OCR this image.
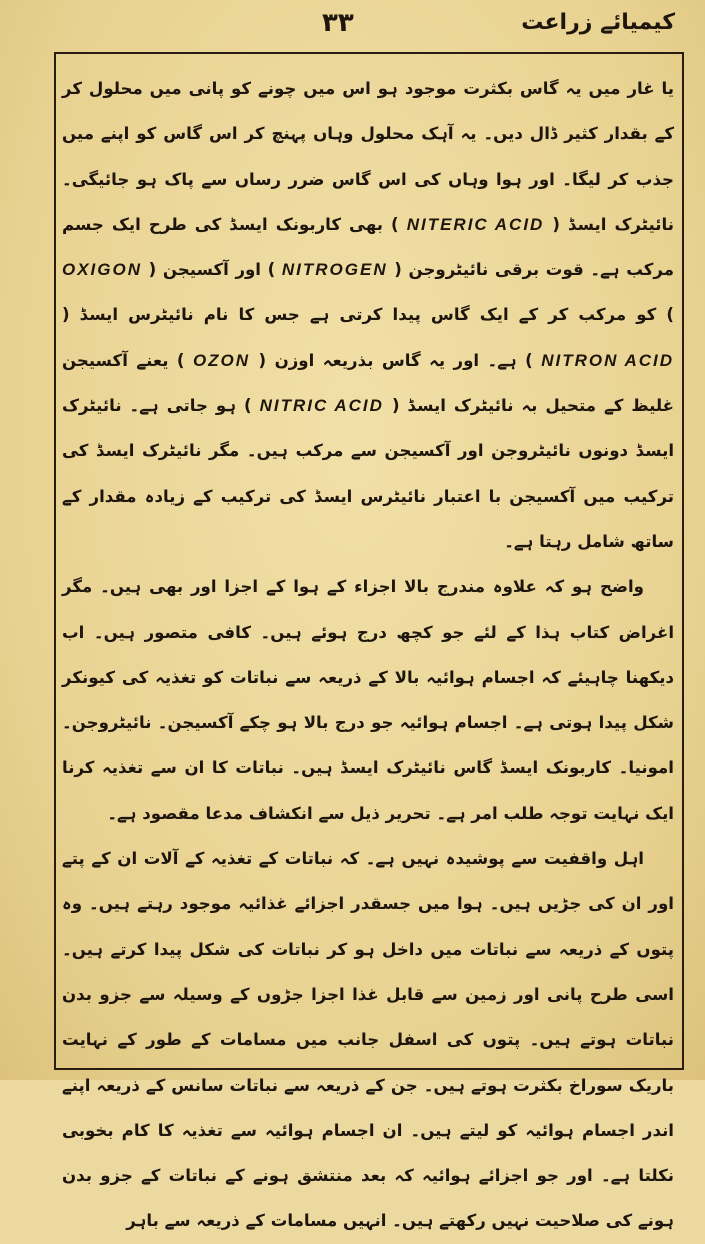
۳۳	کیمیائے زراعت

یا غار میں یہ گاس بکثرت موجود ہو اس میں چونے کو پانی میں محلول کر کے بقدار کثیر ڈال دیں۔ یہ آہک محلول وہاں پہنچ کر اس گاس کو اپنے میں جذب کر لیگا۔ اور ہوا وہاں کی اس گاس ضرر رساں سے پاک ہو جائیگی۔ نائیٹرک ایسڈ ( NITERIC ACID ) بھی کاربونک ایسڈ کی طرح ایک جسم مرکب ہے۔ قوت برقی نائیٹروجن ( NITROGEN ) اور آکسیجن ( OXIGON ) کو مرکب کر کے ایک گاس پیدا کرتی ہے جس کا نام نائیٹرس ایسڈ ( NITRON ACID ) ہے۔ اور یہ گاس بذریعہ اوزن ( OZON ) یعنے آکسیجن غلیظ کے متحیل بہ نائیٹرک ایسڈ ( NITRIC ACID ) ہو جاتی ہے۔ نائیٹرک ایسڈ دونوں نائیٹروجن اور آکسیجن سے مرکب ہیں۔ مگر نائیٹرک ایسڈ کی ترکیب میں آکسیجن با اعتبار نائیٹرس ایسڈ کی ترکیب کے زیادہ مقدار کے ساتھ شامل رہتا ہے۔

واضح ہو کہ علاوہ مندرج بالا اجزاء کے ہوا کے اجزا اور بھی ہیں۔ مگر اغراض کتاب ہذا کے لئے جو کچھ درج ہوئے ہیں۔ کافی متصور ہیں۔ اب دیکھنا چاہیئے کہ اجسام ہوائیہ بالا کے ذریعہ سے نباتات کو تغذیہ کی کیونکر شکل پیدا ہوتی ہے۔ اجسام ہوائیہ جو درج بالا ہو چکے آکسیجن۔ نائیٹروجن۔ امونیا۔ کاربونک ایسڈ گاس نائیٹرک ایسڈ ہیں۔ نباتات کا ان سے تغذیہ کرنا ایک نہایت توجہ طلب امر ہے۔ تحریر ذیل سے انکشاف مدعا مقصود ہے۔

اہل واقفیت سے پوشیدہ نہیں ہے۔ کہ نباتات کے تغذیہ کے آلات ان کے پتے اور ان کی جڑیں ہیں۔ ہوا میں جسقدر اجزائے غذائیہ موجود رہتے ہیں۔ وہ پتوں کے ذریعہ سے نباتات میں داخل ہو کر نباتات کی شکل پیدا کرتے ہیں۔ اسی طرح پانی اور زمین سے قابل غذا اجزا جڑوں کے وسیلہ سے جزو بدن نباتات ہوتے ہیں۔ پتوں کی اسفل جانب میں مسامات کے طور کے نہایت باریک سوراخ بکثرت ہوتے ہیں۔ جن کے ذریعہ سے نباتات سانس کے ذریعہ اپنے اندر اجسام ہوائیہ کو لیتے ہیں۔ ان اجسام ہوائیہ سے تغذیہ کا کام بخوبی نکلتا ہے۔ اور جو اجزائے ہوائیہ کہ بعد منتشق ہونے کے نباتات کے جزو بدن ہونے کی صلاحیت نہیں رکھتے ہیں۔ انہیں مسامات کے ذریعہ سے باہر
